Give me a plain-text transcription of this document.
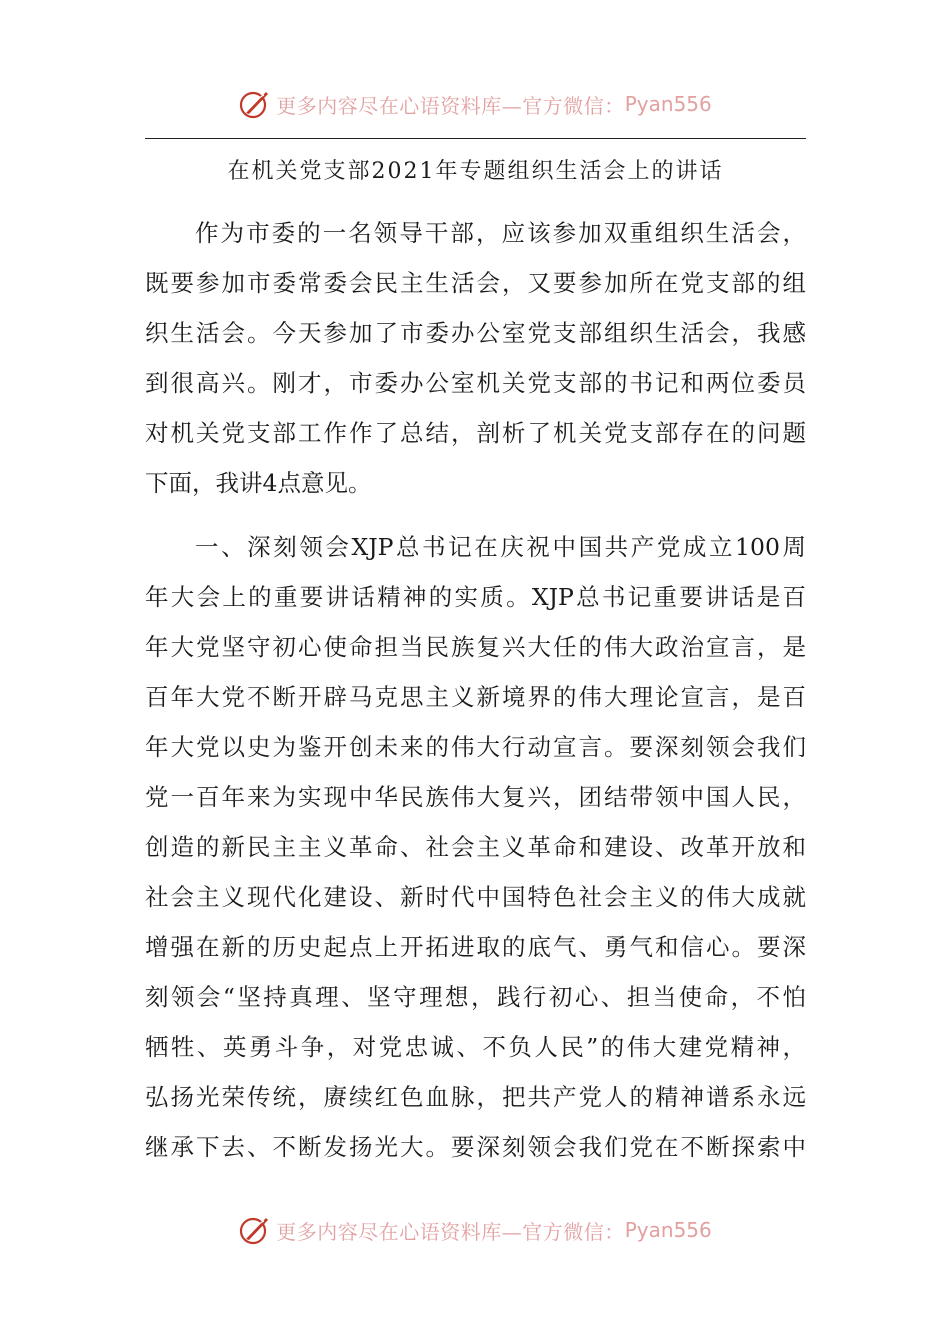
更多内容尽在心语资料库—官方微信： Pyan556
在机关党支部2021年专题组织生活会上的讲话
作为市委的一名领导干部，应该参加双重组织生活会，
既要参加市委常委会民主生活会，又要参加所在党支部的组
织生活会。今天参加了市委办公室党支部组织生活会，我感
到很高兴。刚才，市委办公室机关党支部的书记和两位委员
对机关党支部工作作了总结，剖析了机关党支部存在的问题
下面，我讲4点意见。
一、深刻领会XJP总书记在庆祝中国共产党成立100周
年大会上的重要讲话精神的实质。XJP总书记重要讲话是百
年大党坚守初心使命担当民族复兴大任的伟大政治宣言，是
百年大党不断开辟马克思主义新境界的伟大理论宣言，是百
年大党以史为鉴开创未来的伟大行动宣言。要深刻领会我们
党一百年来为实现中华民族伟大复兴，团结带领中国人民，
创造的新民主主义革命、社会主义革命和建设、改革开放和
社会主义现代化建设、新时代中国特色社会主义的伟大成就
增强在新的历史起点上开拓进取的底气、勇气和信心。要深
刻领会“坚持真理、坚守理想，践行初心、担当使命，不怕
牺牲、英勇斗争，对党忠诚、不负人民”的伟大建党精神，
弘扬光荣传统，赓续红色血脉，把共产党人的精神谱系永远
继承下去、不断发扬光大。要深刻领会我们党在不断探索中
更多内容尽在心语资料库—官方微信： Pyan556
